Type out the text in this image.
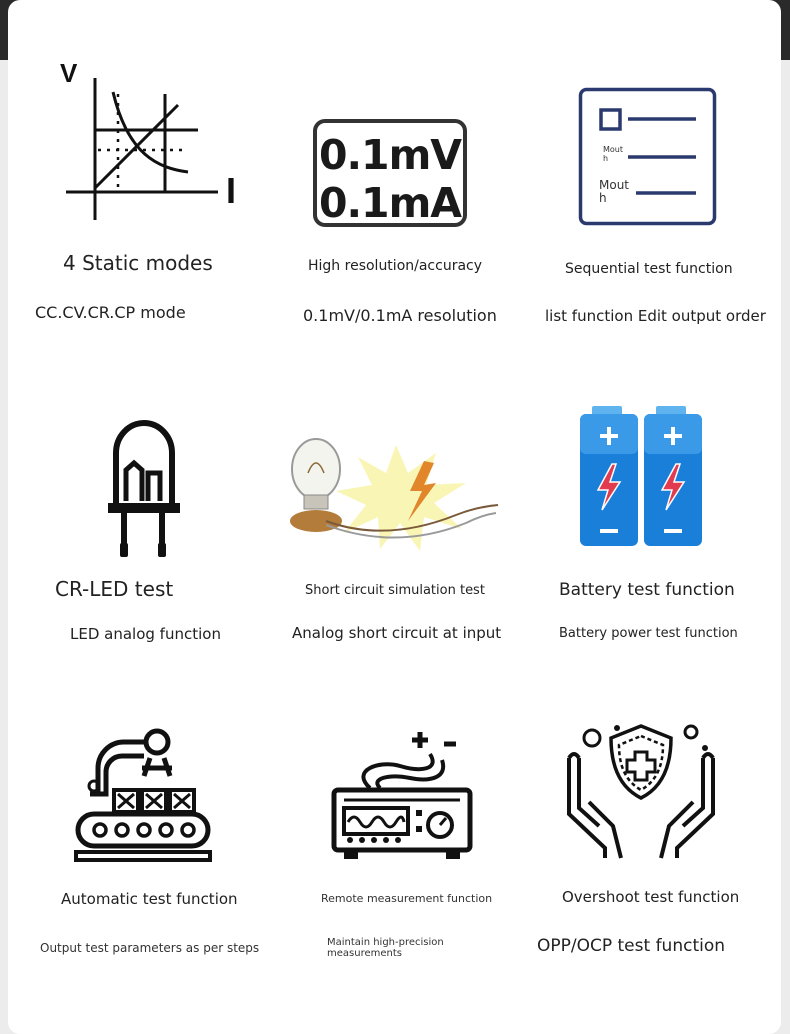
V
I
4 Static modes
CC.CV.CR.CP mode
0.1mV
0.1mA
High resolution/accuracy
0.1mV/0.1mA resolution
Mout h
Mout h
Sequential test function
list function Edit output order
CR-LED test
LED analog function
Short circuit simulation test
Analog short circuit at input
Battery test function
Battery power test function
Automatic test function
Output test parameters as per steps
Remote measurement function
Maintain high-precision measurements
Overshoot test function
OPP/OCP test function
